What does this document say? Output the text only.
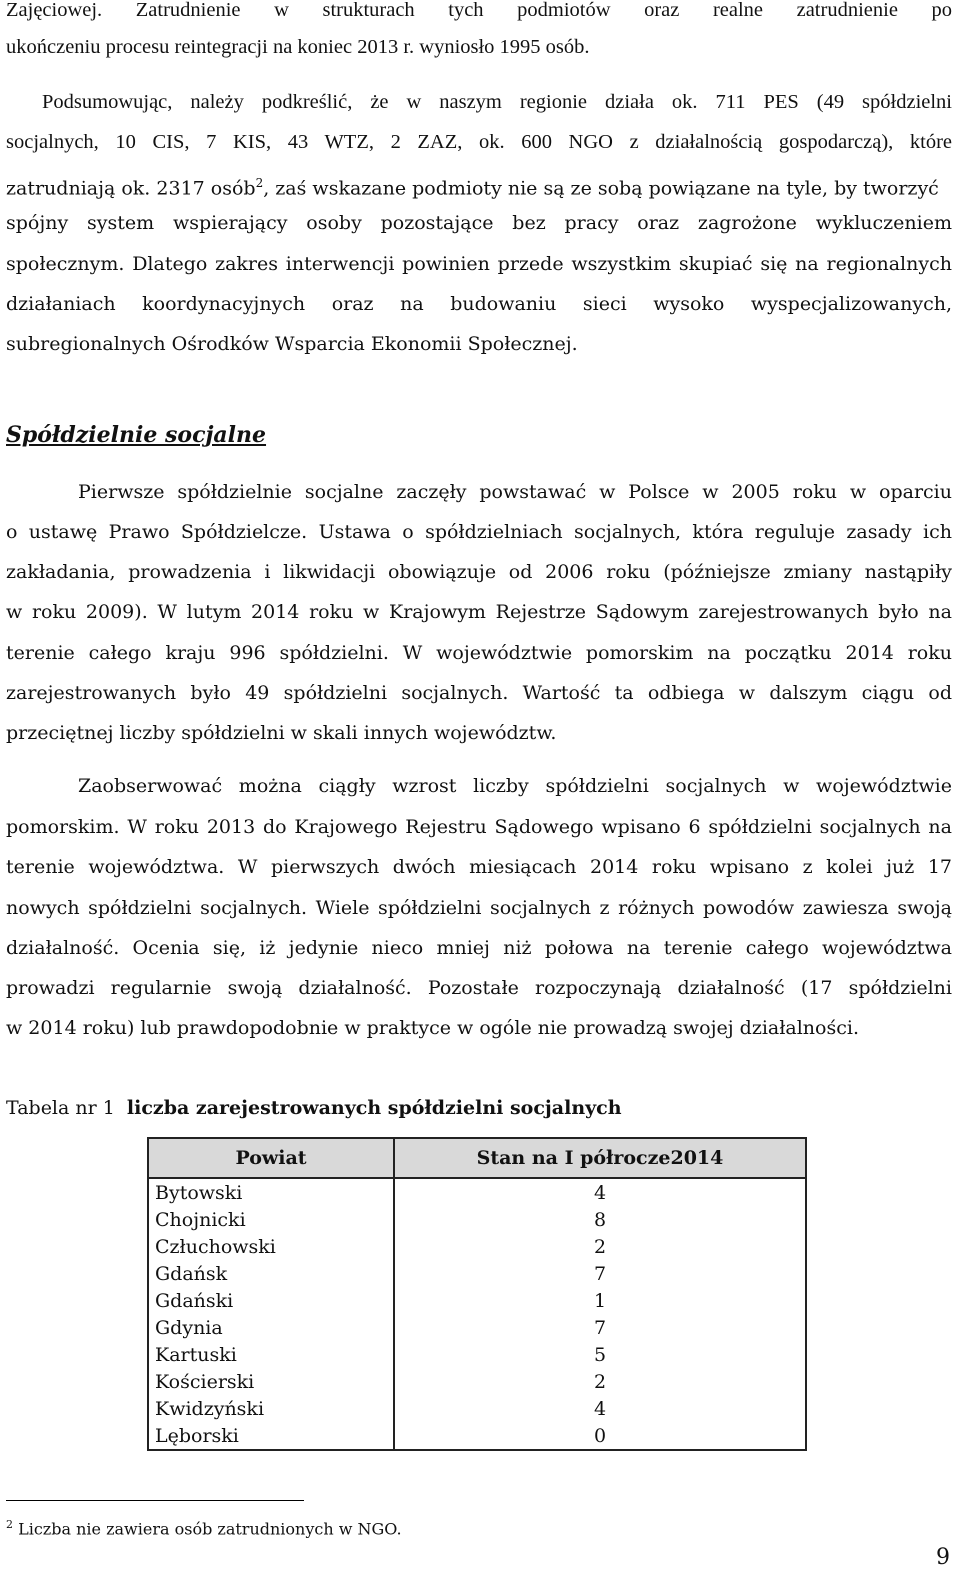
Zajęciowej. Zatrudnienie w strukturach tych podmiotów oraz realne zatrudnienie po
ukończeniu procesu reintegracji na koniec 2013 r. wyniosło 1995 osób.
Podsumowując, należy podkreślić, że w naszym regionie działa ok. 711 PES (49 spółdzielni
socjalnych, 10 CIS, 7 KIS, 43 WTZ, 2 ZAZ, ok. 600 NGO z działalnością gospodarczą), które
zatrudniają ok. 2317 osób$^2$, zaś wskazane podmioty nie są ze sobą powiązane na tyle, by tworzyć
spójny system wspierający osoby pozostające bez pracy oraz zagrożone wykluczeniem
społecznym. Dlatego zakres interwencji powinien przede wszystkim skupiać się na regionalnych
działaniach koordynacyjnych oraz na budowaniu sieci wysoko wyspecjalizowanych,
subregionalnych Ośrodków Wsparcia Ekonomii Społecznej.
Spółdzielnie socjalne
Pierwsze spółdzielnie socjalne zaczęły powstawać w Polsce w 2005 roku w oparciu
o ustawę Prawo Spółdzielcze. Ustawa o spółdzielniach socjalnych, która reguluje zasady ich
zakładania, prowadzenia i likwidacji obowiązuje od 2006 roku (późniejsze zmiany nastąpiły
w roku 2009). W lutym 2014 roku w Krajowym Rejestrze Sądowym zarejestrowanych było na
terenie całego kraju 996 spółdzielni. W województwie pomorskim na początku 2014 roku
zarejestrowanych było 49 spółdzielni socjalnych. Wartość ta odbiega w dalszym ciągu od
przeciętnej liczby spółdzielni w skali innych województw.
Zaobserwować można ciągły wzrost liczby spółdzielni socjalnych w województwie
pomorskim. W roku 2013 do Krajowego Rejestru Sądowego wpisano 6 spółdzielni socjalnych na
terenie województwa. W pierwszych dwóch miesiącach 2014 roku wpisano z kolei już 17
nowych spółdzielni socjalnych. Wiele spółdzielni socjalnych z różnych powodów zawiesza swoją
działalność. Ocenia się, iż jedynie nieco mniej niż połowa na terenie całego województwa
prowadzi regularnie swoją działalność. Pozostałe rozpoczynają działalność (17 spółdzielni
w 2014 roku) lub prawdopodobnie w praktyce w ogóle nie prowadzą swojej działalności.
Tabela nr 1 liczba zarejestrowanych spółdzielni socjalnych
Powiat	Stan na I półrocze2014
Bytowski	4
Chojnicki	8
Człuchowski	2
Gdańsk	7
Gdański	1
Gdynia	7
Kartuski	5
Kościerski	2
Kwidzyński	4
Lęborski	0
$^2$ Liczba nie zawiera osób zatrudnionych w NGO.
9
